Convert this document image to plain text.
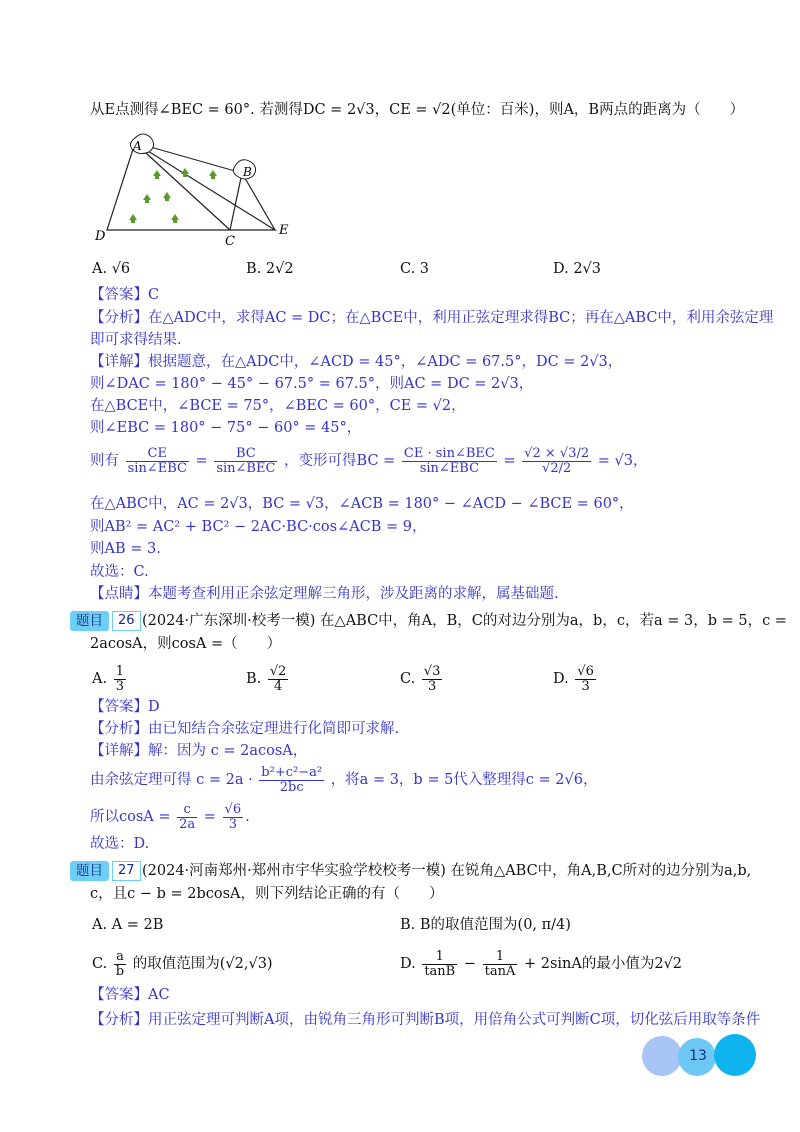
从E点测得∠BEC = 60°. 若测得DC = 2√3，CE = √2(单位：百米)，则A，B两点的距离为（　　）
A
B
C
D	E
A. √6	B. 2√2	C. 3	D. 2√3
【答案】C
【分析】在△ADC中，求得AC = DC；在△BCE中，利用正弦定理求得BC；再在△ABC中，利用余弦定理
即可求得结果.
【详解】根据题意，在△ADC中，∠ACD = 45°，∠ADC = 67.5°，DC = 2√3，
则∠DAC = 180° − 45° − 67.5° = 67.5°，则AC = DC = 2√3，
在△BCE中，∠BCE = 75°，∠BEC = 60°，CE = √2，
则∠EBC = 180° − 75° − 60° = 45°，
则有 $\frac{CE}{\text{sin∠EBC}} = \frac{BC}{\text{sin∠BEC}}$ ，变形可得BC = $\frac{\text{CE · sin∠BEC}}{\text{sin∠EBC}} = \frac{√2 \times √3/2}{√2/2} = √3$，
在△ABC中，AC = 2√3，BC = √3，∠ACB = 180° − ∠ACD − ∠BCE = 60°，
则AB² = AC² + BC² − 2AC·BC·cos∠ACB = 9，
则AB = 3.
故选：C.
【点睛】本题考查利用正余弦定理解三角形，涉及距离的求解，属基础题.
题目	26 (2024·广东深圳·校考一模) 在△ABC中，角A，B，C的对边分别为a，b，c，若a = 3，b = 5，c =
2acosA，则cosA =（　　）
A. $\frac{1}{3}$	B. $\frac{√2}{4}$	C. $\frac{√3}{3}$	D. $\frac{√6}{3}$
【答案】D
【分析】由已知结合余弦定理进行化简即可求解.
【详解】解：因为 c = 2acosA，
由余弦定理可得 $c = 2a \cdot \frac{\text{b²+c²−a²}}{2bc}$ ，将a = 3，b = 5代入整理得c = 2√6，
所以$\cos A = \frac{c}{2a} = \frac{√6}{3}$ .
故选：D.
题目	27 (2024·河南郑州·郑州市宇华实验学校校考一模) 在锐角△ABC中，角A,B,C所对的边分别为a,b,
c，且c − b = 2bcosA，则下列结论正确的有（　　）
A. A = 2B	B. B的取值范围为(0, π/4)
C. $\frac{a}{b}$ 的取值范围为(√2,√3)	D. $\frac{1}{\tan B} - \frac{1}{\tan A} + 2\sin A$的最小值为2√2
【答案】AC
【分析】用正弦定理可判断A项，由锐角三角形可判断B项，用倍角公式可判断C项，切化弦后用取等条件
13
